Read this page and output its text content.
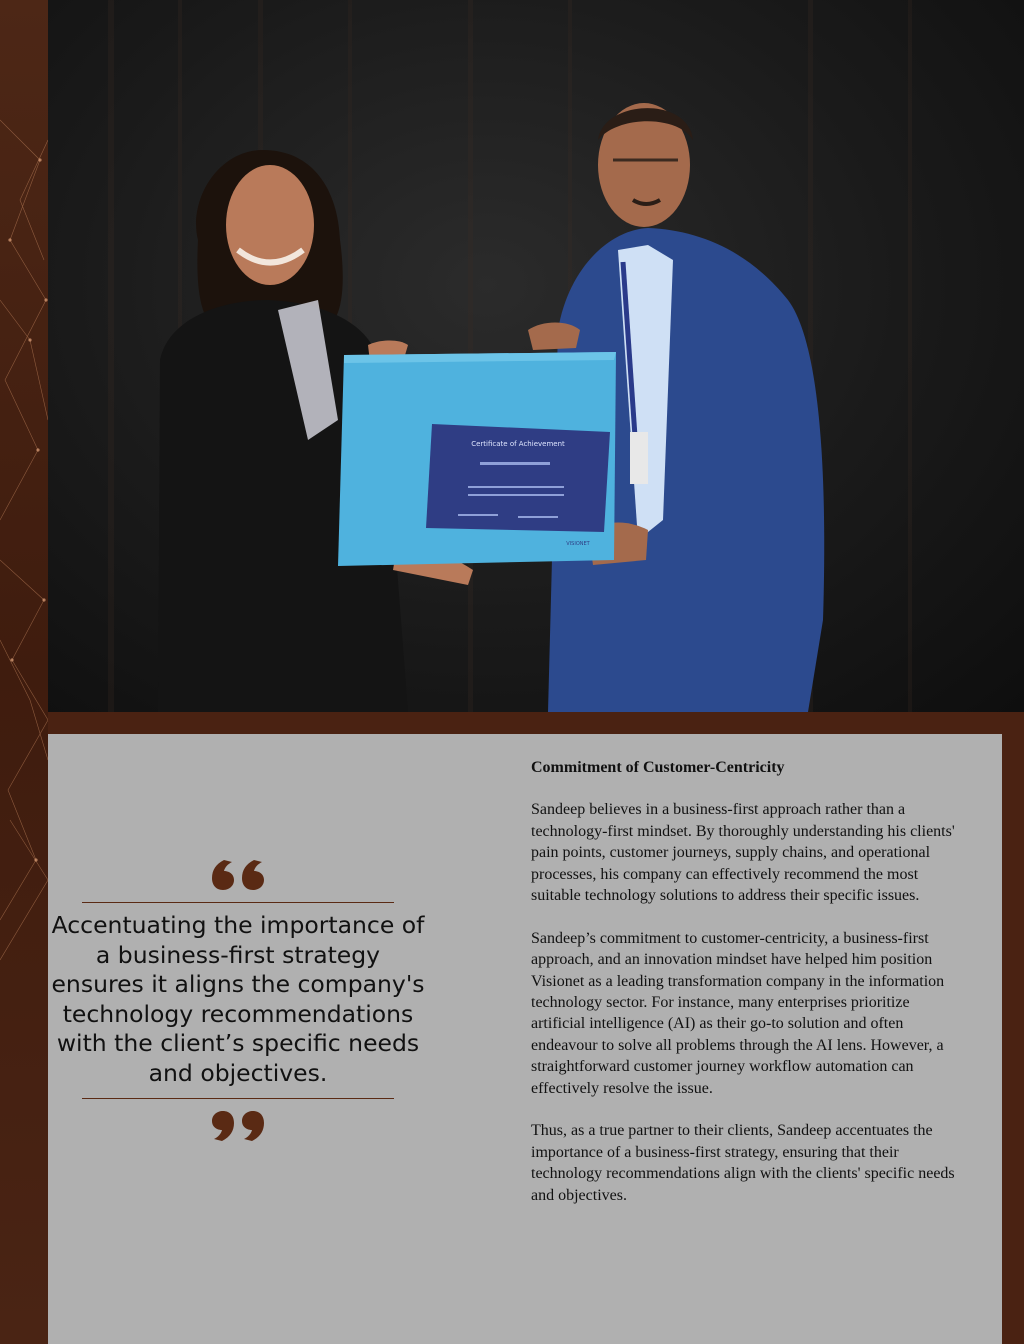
Certificate of Achievement
VISIONET

Accentuating the importance of a business-first strategy ensures it aligns the company's technology recommendations with the client’s specific needs and objectives.

Commitment of Customer-Centricity

Sandeep believes in a business-first approach rather than a technology-first mindset. By thoroughly understanding his clients' pain points, customer journeys, supply chains, and operational processes, his company can effectively recommend the most suitable technology solutions to address their specific issues.

Sandeep’s commitment to customer-centricity, a business-first approach, and an innovation mindset have helped him position Visionet as a leading transformation company in the information technology sector. For instance, many enterprises prioritize artificial intelligence (AI) as their go-to solution and often endeavour to solve all problems through the AI lens. However, a straightforward customer journey workflow automation can effectively resolve the issue.

Thus, as a true partner to their clients, Sandeep accentuates the importance of a business-first strategy, ensuring that their technology recommendations align with the clients' specific needs and objectives.
